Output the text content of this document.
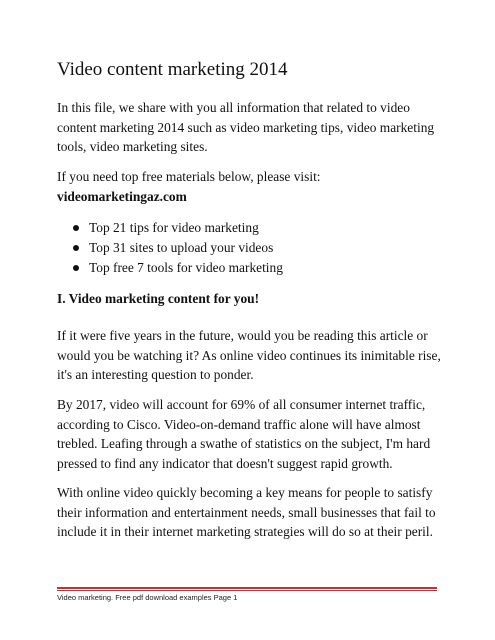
Video content marketing 2014

In this file, we share with you all information that related to video content marketing 2014 such as video marketing tips, video marketing tools, video marketing sites.

If you need top free materials below, please visit:
videomarketingaz.com

Top 21 tips for video marketing
Top 31 sites to upload your videos
Top free 7 tools for video marketing
I. Video marketing content for you!

If it were five years in the future, would you be reading this article or would you be watching it? As online video continues its inimitable rise, it's an interesting question to ponder.

By 2017, video will account for 69% of all consumer internet traffic, according to Cisco. Video-on-demand traffic alone will have almost trebled. Leafing through a swathe of statistics on the subject, I'm hard pressed to find any indicator that doesn't suggest rapid growth.

With online video quickly becoming a key means for people to satisfy their information and entertainment needs, small businesses that fail to include it in their internet marketing strategies will do so at their peril.

Video marketing. Free pdf download examples Page 1
